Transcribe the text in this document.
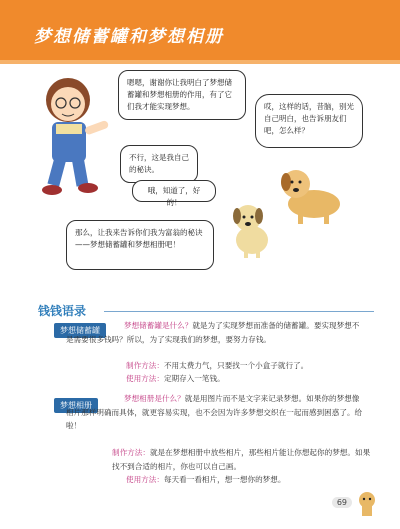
梦想储蓄罐和梦想相册
嗯嗯，谢谢你让我明白了梦想储蓄罐和梦想相册的作用，有了它们我才能实现梦想。	哎，这样的话，昔脑，别光自己明白，也告诉朋友们吧，怎么样？
不行，这是我自己的秘诀。
哦，知道了，好的！
那么，让我来告诉你们我为富翁的秘诀——梦想储蓄罐和梦想相册吧！
钱钱语录
梦想储蓄罐
梦想储蓄罐是什么？就是为了实现梦想而准备的储蓄罐。要实现梦想不是需要很多钱吗？所以，为了实现我们的梦想，要努力存钱。
制作方法：不用太费力气，只要找一个小盒子就行了。
使用方法：定期存入一笔钱。
梦想相册
梦想相册是什么？就是用图片而不是文字来记录梦想。如果你的梦想像相片那样明确而具体，就更容易实现，也不会因为许多梦想交织在一起而感到困惑了。给啦！
制作方法：就是在梦想相册中放些相片，那些相片能让你想起你的梦想。如果找不到合适的相片，你也可以自己画。
使用方法：每天看一看相片，想一想你的梦想。
69
